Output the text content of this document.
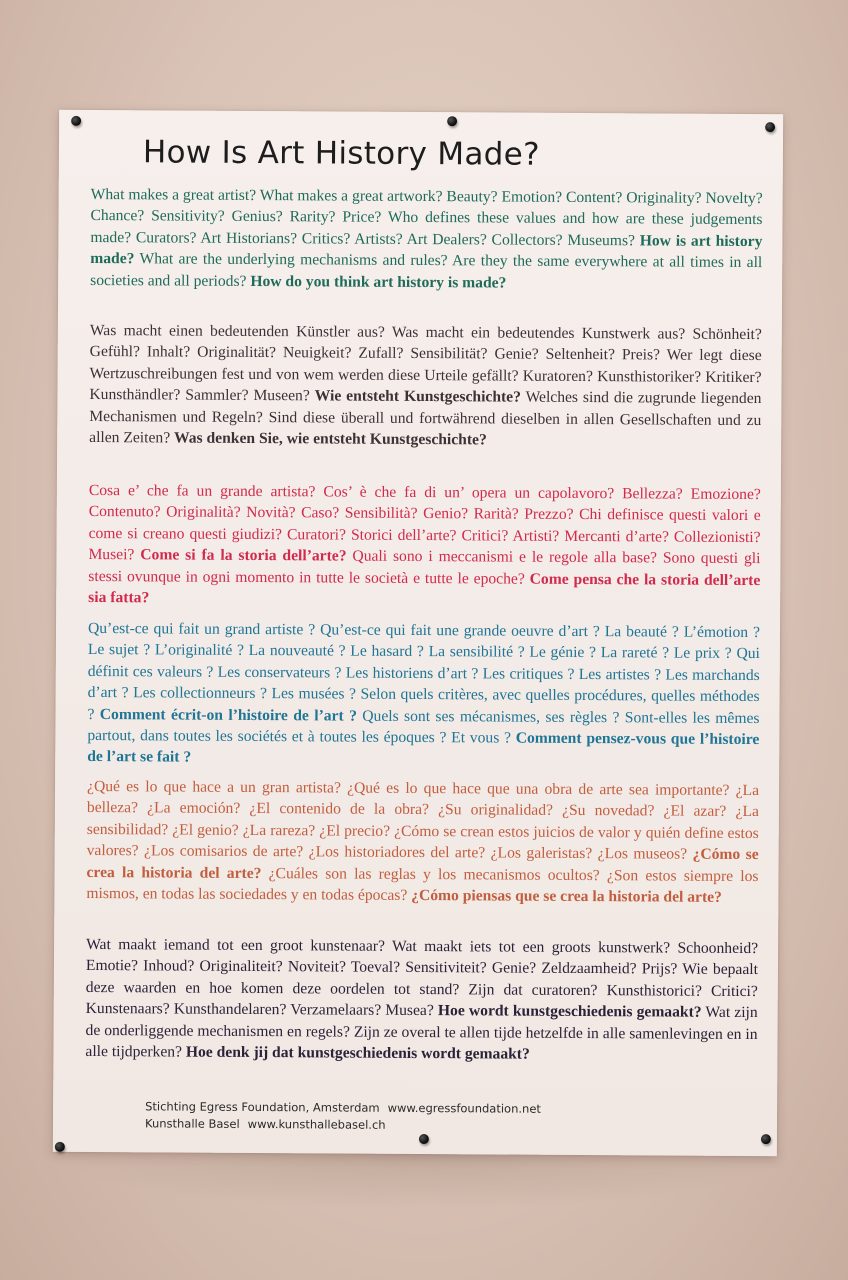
How Is Art History Made?

What makes a great artist? What makes a great artwork? Beauty? Emotion? Content? Originality? Novelty? Chance? Sensitivity? Genius? Rarity? Price? Who defines these values and how are these judgements made? Curators? Art Historians? Critics? Artists? Art Dealers? Collectors? Museums? How is art history made? What are the underlying mechanisms and rules? Are they the same everywhere at all times in all societies and all periods? How do you think art history is made?

Was macht einen bedeutenden Künstler aus? Was macht ein bedeutendes Kunstwerk aus? Schönheit? Gefühl? Inhalt? Originalität? Neuigkeit? Zufall? Sensibilität? Genie? Seltenheit? Preis? Wer legt diese Wertzuschreibungen fest und von wem werden diese Urteile gefällt? Kuratoren? Kunsthistoriker? Kritiker? Kunsthändler? Sammler? Museen? Wie entsteht Kunstgeschichte? Welches sind die zugrunde liegenden Mechanismen und Regeln? Sind diese überall und fortwährend dieselben in allen Gesellschaften und zu allen Zeiten? Was denken Sie, wie entsteht Kunstgeschichte?

Cosa e’ che fa un grande artista? Cos’ è che fa di un’ opera un capolavoro? Bellezza? Emozione? Contenuto? Originalità? Novità? Caso? Sensibilità? Genio? Rarità? Prezzo? Chi definisce questi valori e come si creano questi giudizi? Curatori? Storici dell’arte? Critici? Artisti? Mercanti d’arte? Collezionisti? Musei? Come si fa la storia dell’arte? Quali sono i meccanismi e le regole alla base? Sono questi gli stessi ovunque in ogni momento in tutte le società e tutte le epoche? Come pensa che la storia dell’arte sia fatta?

Qu’est-ce qui fait un grand artiste ? Qu’est-ce qui fait une grande oeuvre d’art ? La beauté ? L’émotion ? Le sujet ? L’originalité ? La nouveauté ? Le hasard ? La sensibilité ? Le génie ? La rareté ? Le prix ? Qui définit ces valeurs ? Les conservateurs ? Les historiens d’art ? Les critiques ? Les artistes ? Les marchands d’art ? Les collectionneurs ? Les musées ? Selon quels critères, avec quelles procédures, quelles méthodes ? Comment écrit-on l’histoire de l’art ? Quels sont ses mécanismes, ses règles ? Sont-elles les mêmes partout, dans toutes les sociétés et à toutes les époques ? Et vous ? Comment pensez-vous que l’histoire de l’art se fait ?

¿Qué es lo que hace a un gran artista? ¿Qué es lo que hace que una obra de arte sea importante? ¿La belleza? ¿La emoción? ¿El contenido de la obra? ¿Su originalidad? ¿Su novedad? ¿El azar? ¿La sensibilidad? ¿El genio? ¿La rareza? ¿El precio? ¿Cómo se crean estos juicios de valor y quién define estos valores? ¿Los comisarios de arte? ¿Los historiadores del arte? ¿Los galeristas? ¿Los museos? ¿Cómo se crea la historia del arte? ¿Cuáles son las reglas y los mecanismos ocultos? ¿Son estos siempre los mismos, en todas las sociedades y en todas épocas? ¿Cómo piensas que se crea la historia del arte?

Wat maakt iemand tot een groot kunstenaar? Wat maakt iets tot een groots kunstwerk? Schoonheid? Emotie? Inhoud? Originaliteit? Noviteit? Toeval? Sensitiviteit? Genie? Zeldzaamheid? Prijs? Wie bepaalt deze waarden en hoe komen deze oordelen tot stand? Zijn dat curatoren? Kunsthistorici? Critici? Kunstenaars? Kunsthandelaren? Verzamelaars? Musea? Hoe wordt kunstgeschiedenis gemaakt? Wat zijn de onderliggende mechanismen en regels? Zijn ze overal te allen tijde hetzelfde in alle samenlevingen en in alle tijdperken? Hoe denk jij dat kunstgeschiedenis wordt gemaakt?

Stichting Egress Foundation, Amsterdam www.egressfoundation.net
Kunsthalle Basel www.kunsthallebasel.ch
